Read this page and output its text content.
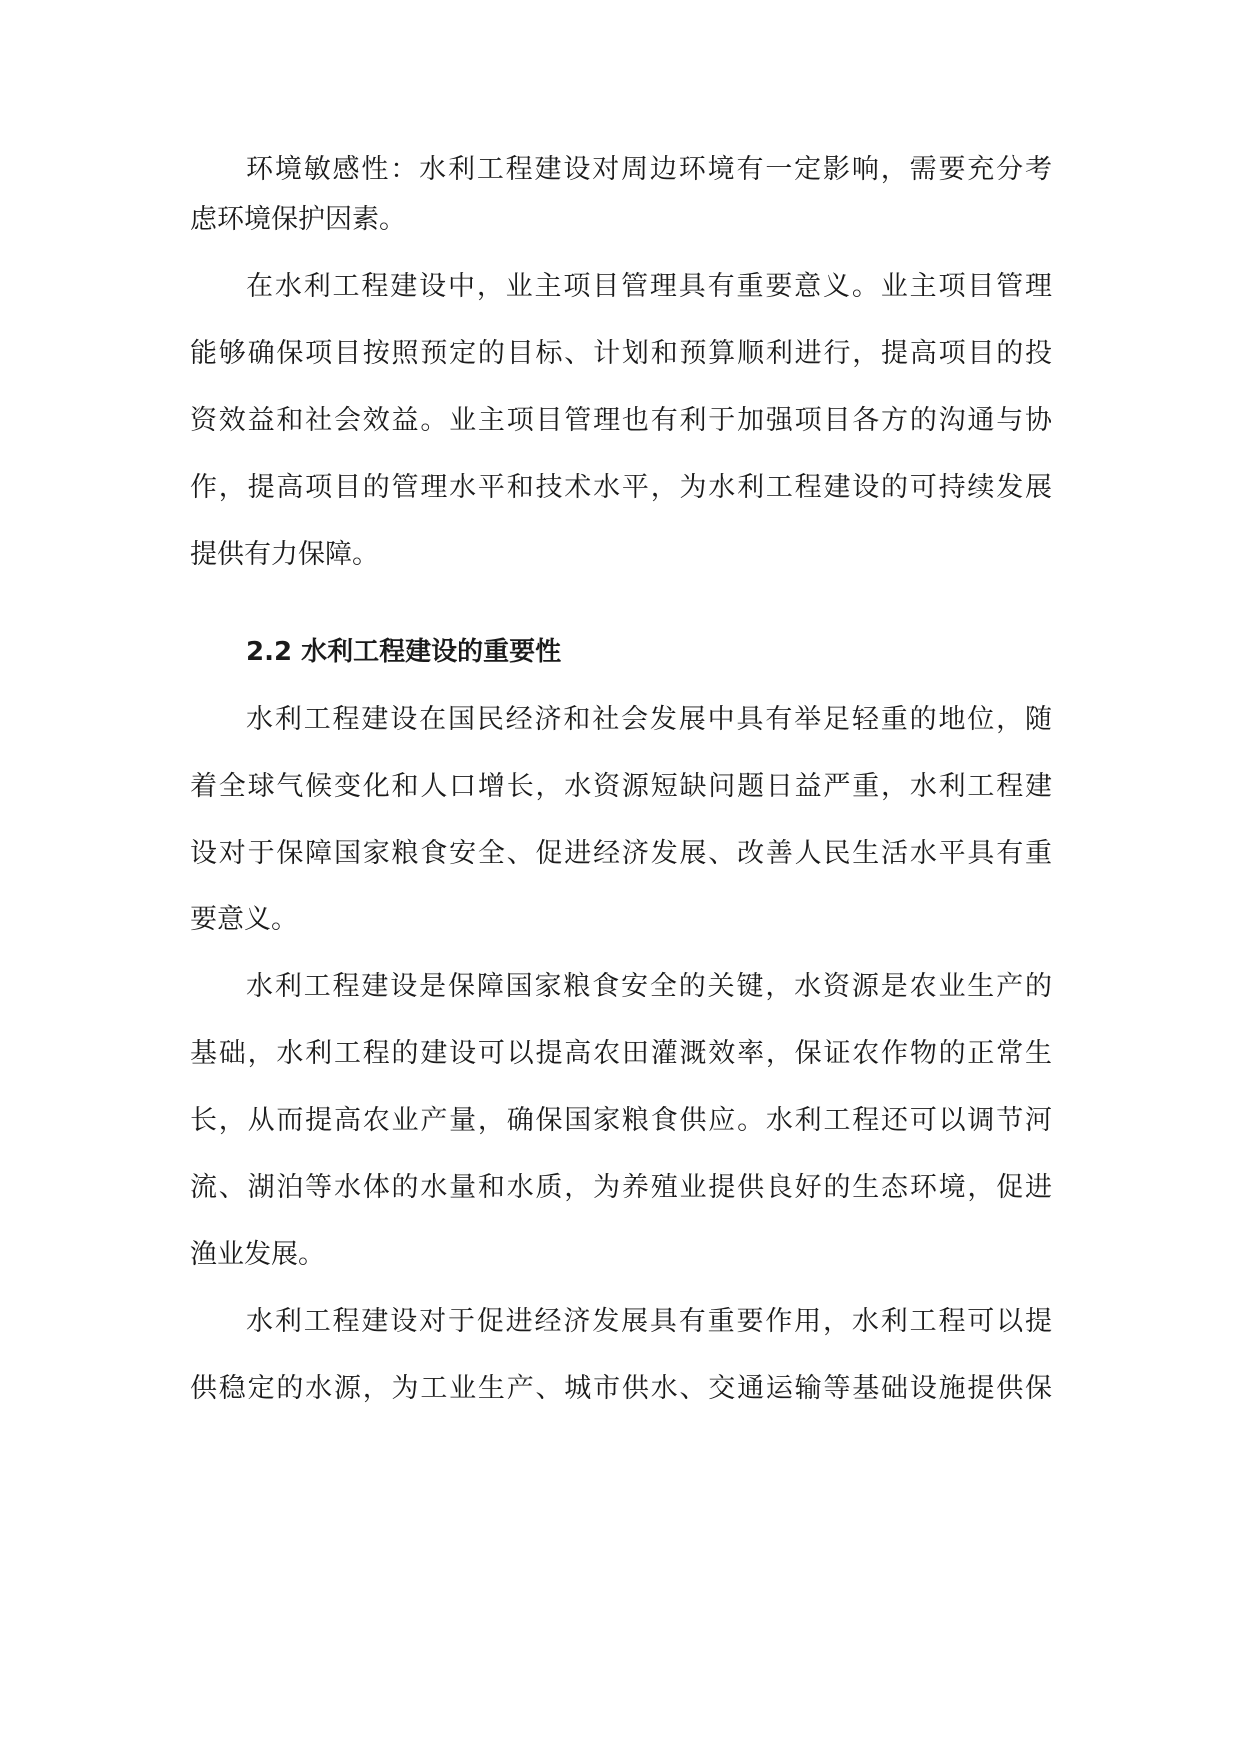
环境敏感性：水利工程建设对周边环境有一定影响，需要充分考
虑环境保护因素。
在水利工程建设中，业主项目管理具有重要意义。业主项目管理
能够确保项目按照预定的目标、计划和预算顺利进行，提高项目的投
资效益和社会效益。业主项目管理也有利于加强项目各方的沟通与协
作，提高项目的管理水平和技术水平，为水利工程建设的可持续发展
提供有力保障。
2.2 水利工程建设的重要性
水利工程建设在国民经济和社会发展中具有举足轻重的地位，随
着全球气候变化和人口增长，水资源短缺问题日益严重，水利工程建
设对于保障国家粮食安全、促进经济发展、改善人民生活水平具有重
要意义。
水利工程建设是保障国家粮食安全的关键，水资源是农业生产的
基础，水利工程的建设可以提高农田灌溉效率，保证农作物的正常生
长，从而提高农业产量，确保国家粮食供应。水利工程还可以调节河
流、湖泊等水体的水量和水质，为养殖业提供良好的生态环境，促进
渔业发展。
水利工程建设对于促进经济发展具有重要作用，水利工程可以提
供稳定的水源，为工业生产、城市供水、交通运输等基础设施提供保
